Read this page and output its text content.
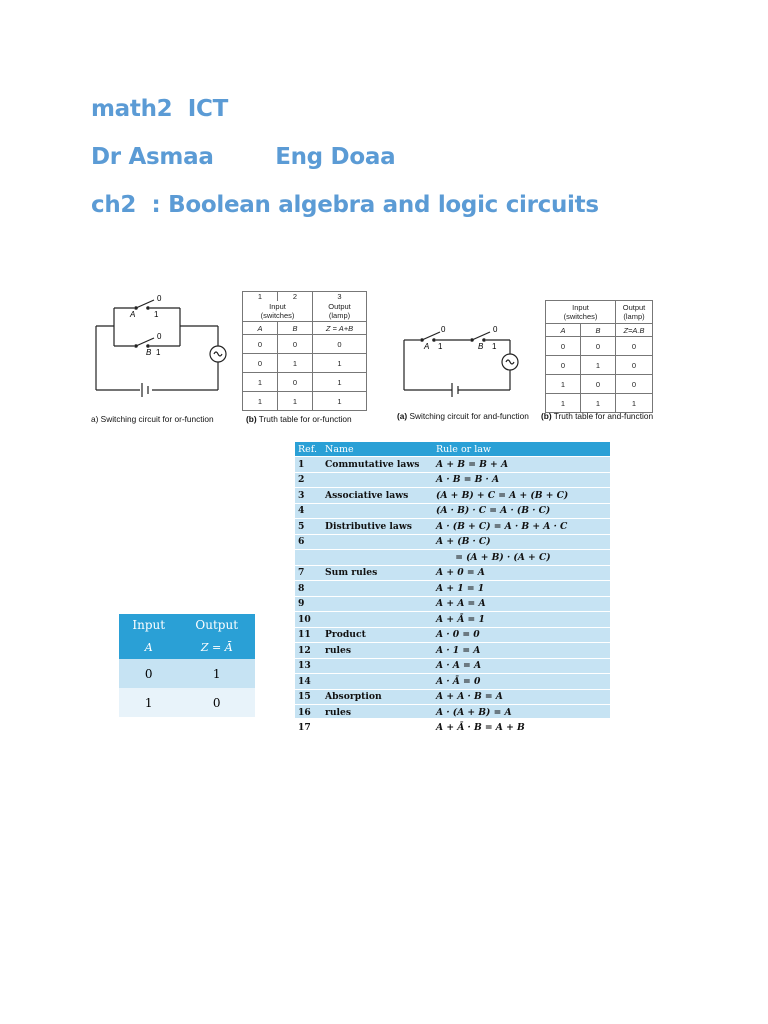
math2  ICT

Dr Asmaa        Eng Doaa

ch2  : Boolean algebra and logic circuits

0
A 1
0
B 1
a) Switching circuit for or-function
1	2	3
Input
(switches)		Output
(lamp)
A	B	Z = A+B
0	0	0
0	1	1
1	0	1
1	1	1
(b) Truth table for or-function
0
A 1
0
B 1
(a) Switching circuit for and-function
Input
(switches)		Output
(lamp)
A	B	Z=A.B
0	0	0
0	1	0
1	0	0
1	1	1
(b) Truth table for and-function
Ref.	Name	Rule or law
1	Commutative laws	A + B = B + A
2		A · B = B · A
3	Associative laws	(A + B) + C = A + (B + C)
4		(A · B) · C = A · (B · C)
5	Distributive laws	A · (B + C) = A · B + A · C
6		A + (B · C)
		= (A + B) · (A + C)
7	Sum rules	A + 0 = A
8		A + 1 = 1
9		A + A = A
10		A + Ā = 1
11	Product	A · 0 = 0
12	rules	A · 1 = A
13		A · A = A
14		A · Ā = 0
15	Absorption	A + A · B = A
16	rules	A · (A + B) = A
17		A + Ā · B = A + B
Input	Output
A	Z = Ā
0	1
1	0
